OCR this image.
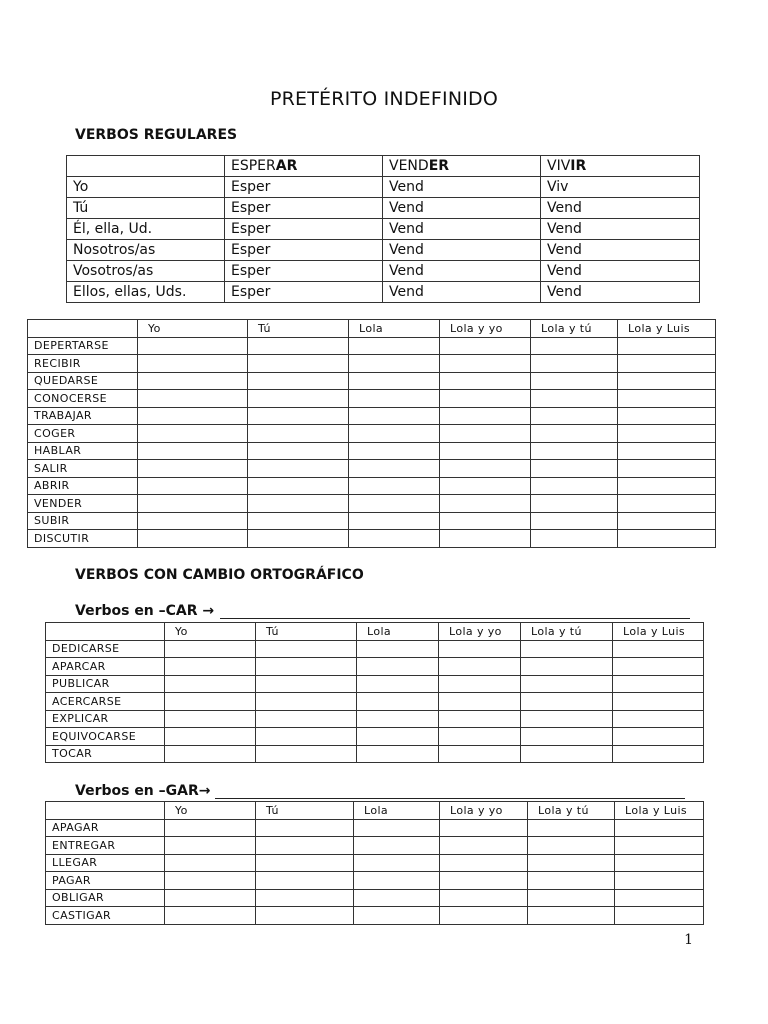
PRETÉRITO INDEFINIDO
VERBOS REGULARES
	ESPERAR	VENDER	VIVIR
Yo	Esper	Vend	Viv
Tú	Esper	Vend	Vend
Él, ella, Ud.	Esper	Vend	Vend
Nosotros/as	Esper	Vend	Vend
Vosotros/as	Esper	Vend	Vend
Ellos, ellas, Uds.	Esper	Vend	Vend
	Yo	Tú	Lola	Lola y yo	Lola y tú	Lola y Luis
DEPERTARSE						
RECIBIR						
QUEDARSE						
CONOCERSE						
TRABAJAR						
COGER						
HABLAR						
SALIR						
ABRIR						
VENDER						
SUBIR						
DISCUTIR						
VERBOS CON CAMBIO ORTOGRÁFICO
Verbos en –CAR →
	Yo	Tú	Lola	Lola y yo	Lola y tú	Lola y Luis
DEDICARSE						
APARCAR						
PUBLICAR						
ACERCARSE						
EXPLICAR						
EQUIVOCARSE						
TOCAR						
Verbos en –GAR→
	Yo	Tú	Lola	Lola y yo	Lola y tú	Lola y Luis
APAGAR						
ENTREGAR						
LLEGAR						
PAGAR						
OBLIGAR						
CASTIGAR						
1
